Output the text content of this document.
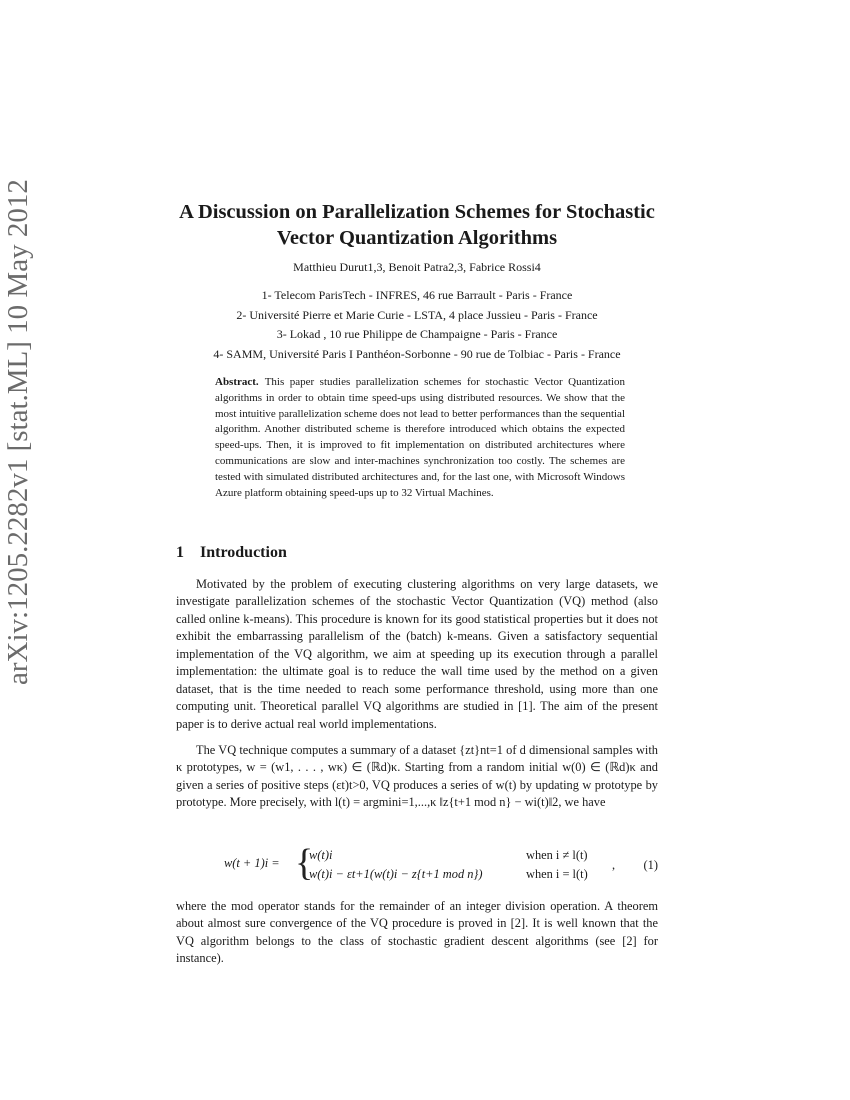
arXiv:1205.2282v1 [stat.ML] 10 May 2012	A Discussion on Parallelization Schemes for Stochastic Vector Quantization Algorithms
Matthieu Durut1,3, Benoit Patra2,3, Fabrice Rossi4
1- Telecom ParisTech - INFRES, 46 rue Barrault - Paris - France
2- Université Pierre et Marie Curie - LSTA, 4 place Jussieu - Paris - France
3- Lokad , 10 rue Philippe de Champaigne - Paris - France
4- SAMM, Université Paris I Panthéon-Sorbonne - 90 rue de Tolbiac - Paris - France
Abstract. This paper studies parallelization schemes for stochastic Vector Quantization algorithms in order to obtain time speed-ups using distributed resources. We show that the most intuitive parallelization scheme does not lead to better performances than the sequential algorithm. Another distributed scheme is therefore introduced which obtains the expected speed-ups. Then, it is improved to fit implementation on distributed architectures where communications are slow and inter-machines synchronization too costly. The schemes are tested with simulated distributed architectures and, for the last one, with Microsoft Windows Azure platform obtaining speed-ups up to 32 Virtual Machines.
1 Introduction
Motivated by the problem of executing clustering algorithms on very large datasets, we investigate parallelization schemes of the stochastic Vector Quantization (VQ) method (also called online k-means). This procedure is known for its good statistical properties but it does not exhibit the embarrassing parallelism of the (batch) k-means. Given a satisfactory sequential implementation of the VQ algorithm, we aim at speeding up its execution through a parallel implementation: the ultimate goal is to reduce the wall time used by the method on a given dataset, that is the time needed to reach some performance threshold, using more than one computing unit. Theoretical parallel VQ algorithms are studied in [1]. The aim of the present paper is to derive actual real world implementations.
The VQ technique computes a summary of a dataset {zt}nt=1 of d dimensional samples with κ prototypes, w = (w1, . . . , wκ) ∈ (ℝd)κ. Starting from a random initial w(0) ∈ (ℝd)κ and given a series of positive steps (εt)t>0, VQ produces a series of w(t) by updating w prototype by prototype. More precisely, with l(t) = argmini=1,...,κ ‖z{t+1 mod n} − wi(t)‖2, we have
w(t + 1)i = {
w(t)i
w(t)i − εt+1(w(t)i − z{t+1 mod n})
when i ≠ l(t)
when i = l(t)
, (1)
where the mod operator stands for the remainder of an integer division operation. A theorem about almost sure convergence of the VQ procedure is proved in [2]. It is well known that the VQ algorithm belongs to the class of stochastic gradient descent algorithms (see [2] for instance).
